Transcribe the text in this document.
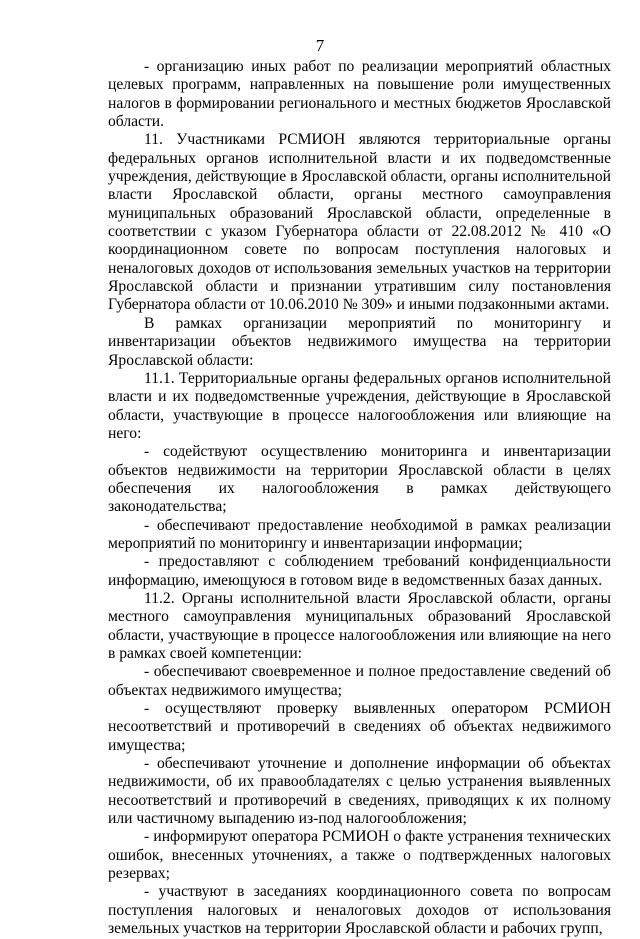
7

- организацию иных работ по реализации мероприятий областных целевых программ, направленных на повышение роли имущественных налогов в формировании регионального и местных бюджетов Ярославской области.

11. Участниками РСМИОН являются территориальные органы федеральных органов исполнительной власти и их подведомственные учреждения, действующие в Ярославской области, органы исполнительной власти Ярославской области, органы местного самоуправления муниципальных образований Ярославской области, определенные в соответствии с указом Губернатора области от 22.08.2012 № 410 «О координационном совете по вопросам поступления налоговых и неналоговых доходов от использования земельных участков на территории Ярославской области и признании утратившим силу постановления Губернатора области от 10.06.2010 № 309» и иными подзаконными актами.

В рамках организации мероприятий по мониторингу и инвентаризации объектов недвижимого имущества на территории Ярославской области:

11.1. Территориальные органы федеральных органов исполнительной власти и их подведомственные учреждения, действующие в Ярославской области, участвующие в процессе налогообложения или влияющие на него:

- содействуют осуществлению мониторинга и инвентаризации объектов недвижимости на территории Ярославской области в целях обеспечения их налогообложения в рамках действующего законодательства;

- обеспечивают предоставление необходимой в рамках реализации мероприятий по мониторингу и инвентаризации информации;

- предоставляют с соблюдением требований конфиденциальности информацию, имеющуюся в готовом виде в ведомственных базах данных.

11.2. Органы исполнительной власти Ярославской области, органы местного самоуправления муниципальных образований Ярославской области, участвующие в процессе налогообложения или влияющие на него в рамках своей компетенции:

- обеспечивают своевременное и полное предоставление сведений об объектах недвижимого имущества;

- осуществляют проверку выявленных оператором РСМИОН несоответствий и противоречий в сведениях об объектах недвижимого имущества;

- обеспечивают уточнение и дополнение информации об объектах недвижимости, об их правообладателях с целью устранения выявленных несоответствий и противоречий в сведениях, приводящих к их полному или частичному выпадению из-под налогообложения;

- информируют оператора РСМИОН о факте устранения технических ошибок, внесенных уточнениях, а также о подтвержденных налоговых резервах;

- участвуют в заседаниях координационного совета по вопросам поступления налоговых и неналоговых доходов от использования земельных участков на территории Ярославской области и рабочих групп,
